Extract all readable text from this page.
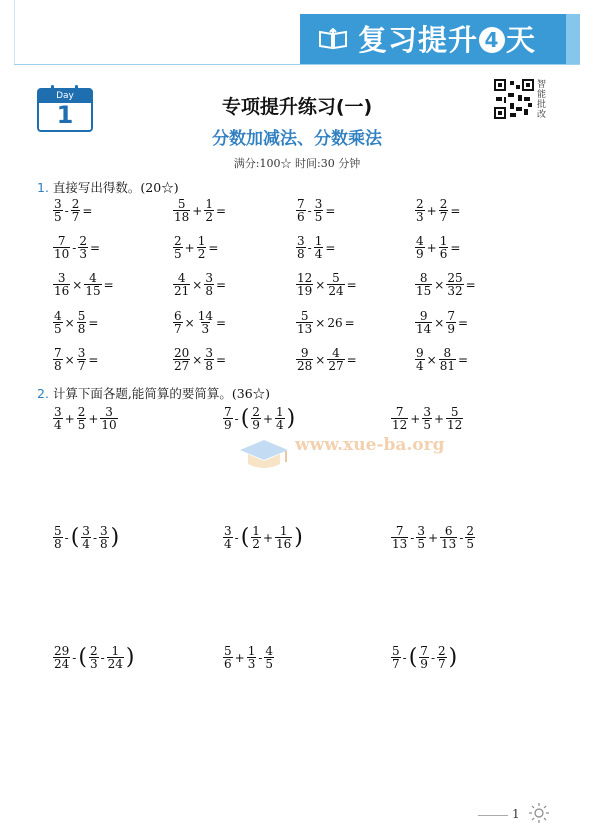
复习提升 4 天
Day
1	专项提升练习(一)
分数加减法、分数乘法
满分:100☆ 时间:30 分钟
智能批改
1. 直接写出得数。(20☆)
2. 计算下面各题,能简算的要简算。(36☆)
$\frac{3}{5} - \frac{2}{7}$ =	$\frac{5}{18} + \frac{1}{2}$ =	$\frac{7}{6} - \frac{3}{5}$ =	$\frac{2}{3} + \frac{2}{7}$ =
$\frac{7}{10} - \frac{2}{3}$ =	$\frac{2}{5} + \frac{1}{2}$ =	$\frac{3}{8} - \frac{1}{4}$ =	$\frac{4}{9} + \frac{1}{6}$ =
$\frac{3}{16} \times \frac{4}{15}$ =	$\frac{4}{21} \times \frac{3}{8}$ =	$\frac{12}{19} \times \frac{5}{24}$ =	$\frac{8}{15} \times \frac{25}{32}$ =
$\frac{4}{5} \times \frac{5}{8}$ =	$\frac{6}{7} \times \frac{14}{3}$ =	$\frac{5}{13} \times 26$ =	$\frac{9}{14} \times \frac{7}{9}$ =
$\frac{7}{8} \times \frac{3}{7}$ =	$\frac{20}{27} \times \frac{3}{8}$ =	$\frac{9}{28} \times \frac{4}{27}$ =	$\frac{9}{4} \times \frac{8}{81}$ =
$\frac{3}{4} + \frac{2}{5} + \frac{3}{10}$	$\frac{7}{9}$ - ( $\frac{2}{9} + \frac{1}{4}$ )	$\frac{7}{12} + \frac{3}{5} + \frac{5}{12}$
$\frac{5}{8}$ - ( $\frac{3}{4} - \frac{3}{8}$ )	$\frac{3}{4}$ - ( $\frac{1}{2} + \frac{1}{16}$ )	$\frac{7}{13} - \frac{3}{5} + \frac{6}{13} - \frac{2}{5}$
$\frac{29}{24}$ - ( $\frac{2}{3} - \frac{1}{24}$ )	$\frac{5}{6} + \frac{1}{3} - \frac{4}{5}$	$\frac{5}{7}$ - ( $\frac{7}{9} - \frac{2}{7}$ )
www.xue-ba.org
1
